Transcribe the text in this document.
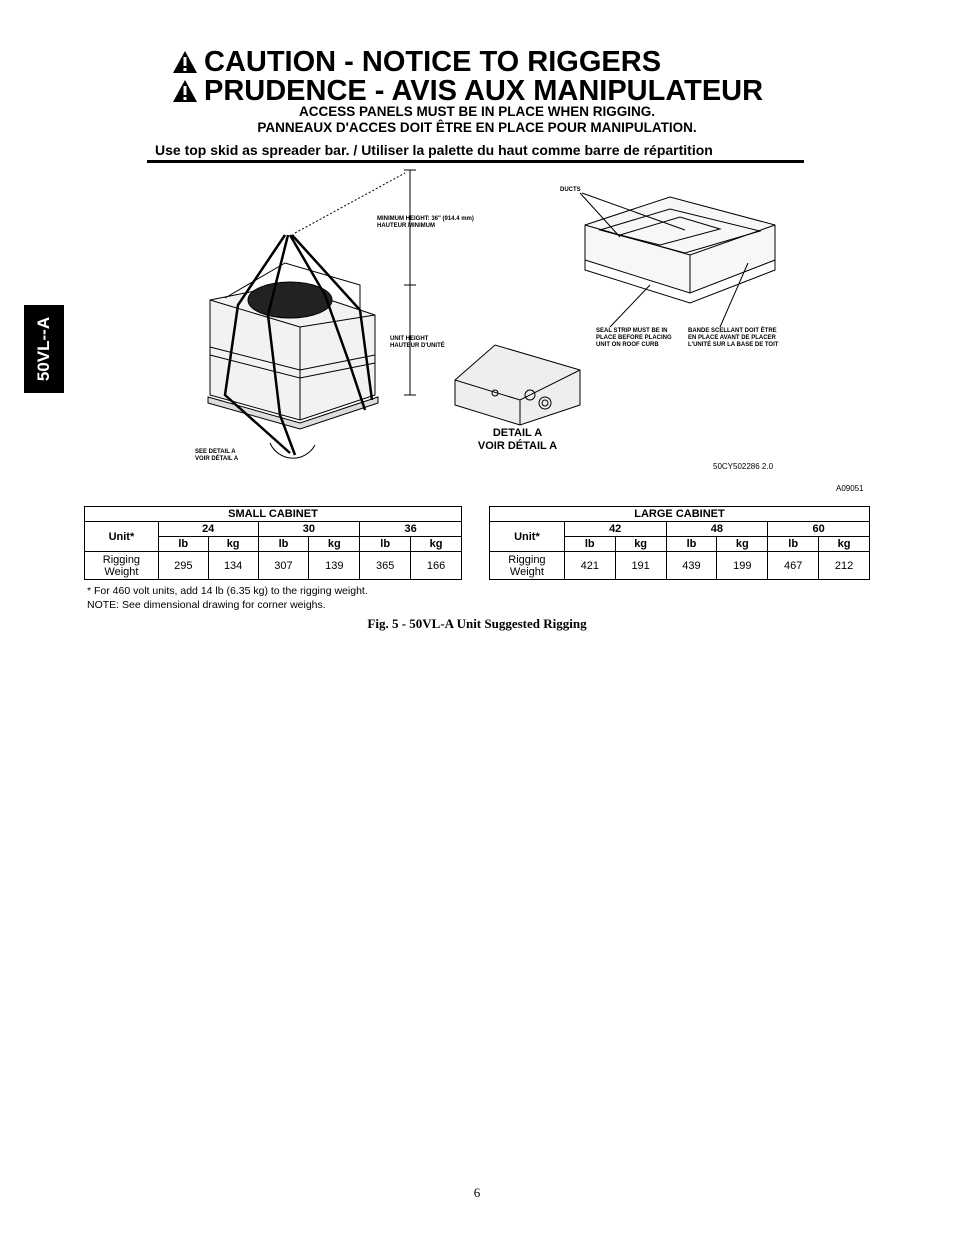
50VL--A
CAUTION - NOTICE TO RIGGERS
PRUDENCE - AVIS AUX MANIPULATEUR
ACCESS PANELS MUST BE IN PLACE WHEN RIGGING.
PANNEAUX D'ACCES DOIT ÊTRE EN PLACE POUR MANIPULATION.
Use top skid as spreader bar. / Utiliser la palette du haut comme barre de répartition
MINIMUM HEIGHT: 36" (914.4 mm)
HAUTEUR MINIMUM
UNIT HEIGHT
HAUTEUR D'UNITÉ
SEE DETAIL A
VOIR DÉTAIL A
DETAIL A
VOIR DÉTAIL A
DUCTS
SEAL STRIP MUST BE IN
PLACE BEFORE PLACING
UNIT ON ROOF CURB
BANDE SCELLANT DOIT ÊTRE
EN PLACE AVANT DE PLACER
L'UNITÉ SUR LA BASE DE TOIT
50CY502286 2.0
A09051
SMALL CABINET						
Unit*	24		30		36	
	lb	kg	lb	kg	lb	kg

Rigging
Weight	295	134	307	139	365	166
LARGE CABINET						
Unit*	42		48		60	
	lb	kg	lb	kg	lb	kg

Rigging
Weight	421	191	439	199	467	212
* For 460 volt units, add 14 lb (6.35 kg) to the rigging weight.
NOTE: See dimensional drawing for corner weighs.
Fig. 5 - 50VL-A Unit Suggested Rigging
6
